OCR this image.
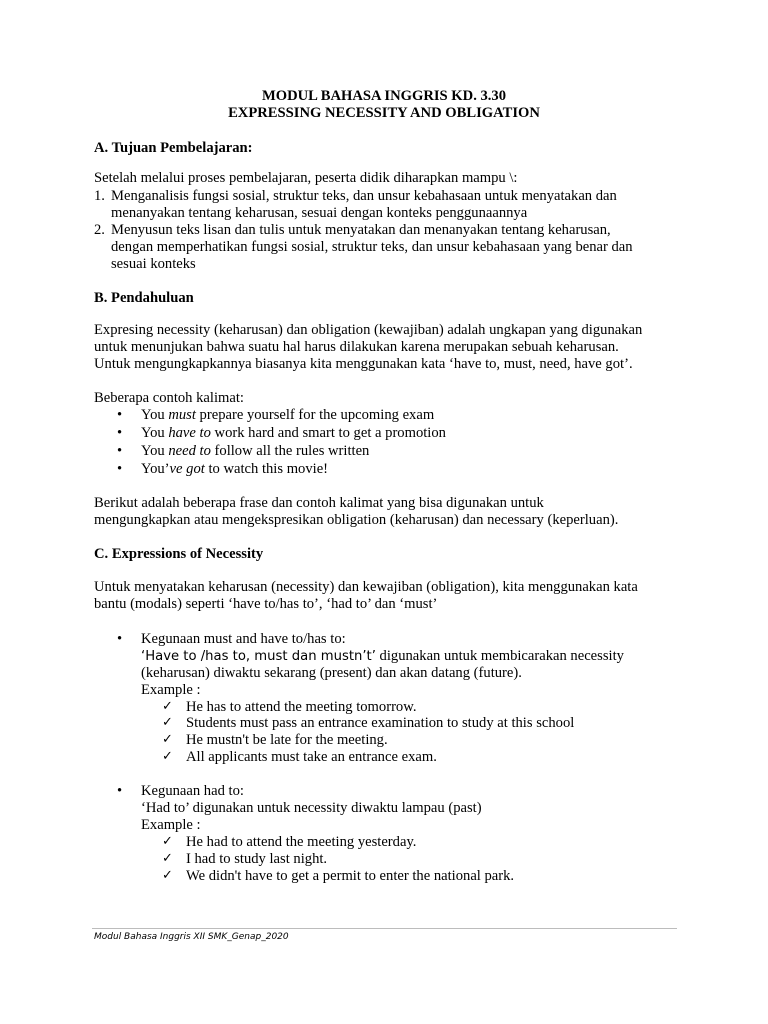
MODUL BAHASA INGGRIS KD. 3.30
EXPRESSING NECESSITY AND OBLIGATION
A. Tujuan Pembelajaran:
Setelah melalui proses pembelajaran, peserta didik diharapkan mampu \:
1. Menganalisis fungsi sosial, struktur teks, dan unsur kebahasaan untuk menyatakan dan
menanyakan tentang keharusan, sesuai dengan konteks penggunaannya
2. Menyusun teks lisan dan tulis untuk menyatakan dan menanyakan tentang keharusan,
dengan memperhatikan fungsi sosial, struktur teks, dan unsur kebahasaan yang benar dan
sesuai konteks
B. Pendahuluan
Expresing necessity (keharusan) dan obligation (kewajiban) adalah ungkapan yang digunakan
untuk menunjukan bahwa suatu hal harus dilakukan karena merupakan sebuah keharusan.
Untuk mengungkapkannya biasanya kita menggunakan kata ‘have to, must, need, have got’.
Beberapa contoh kalimat:
• You must prepare yourself for the upcoming exam
• You have to work hard and smart to get a promotion
• You need to follow all the rules written
• You’ve got to watch this movie!
Berikut adalah beberapa frase dan contoh kalimat yang bisa digunakan untuk
mengungkapkan atau mengekspresikan obligation (keharusan) dan necessary (keperluan).
C. Expressions of Necessity
Untuk menyatakan keharusan (necessity) dan kewajiban (obligation), kita menggunakan kata
bantu (modals) seperti ‘have to/has to’, ‘had to’ dan ‘must’
• Kegunaan must and have to/has to:
‘Have to /has to, must dan mustn’t’ digunakan untuk membicarakan necessity
(keharusan) diwaktu sekarang (present) dan akan datang (future).
Example :
✓ He has to attend the meeting tomorrow.
✓ Students must pass an entrance examination to study at this school
✓ He mustn't be late for the meeting.
✓ All applicants must take an entrance exam.
• Kegunaan had to:
‘Had to’ digunakan untuk necessity diwaktu lampau (past)
Example :
✓ He had to attend the meeting yesterday.
✓ I had to study last night.
✓ We didn't have to get a permit to enter the national park.
Modul Bahasa Inggris XII SMK_Genap_2020
